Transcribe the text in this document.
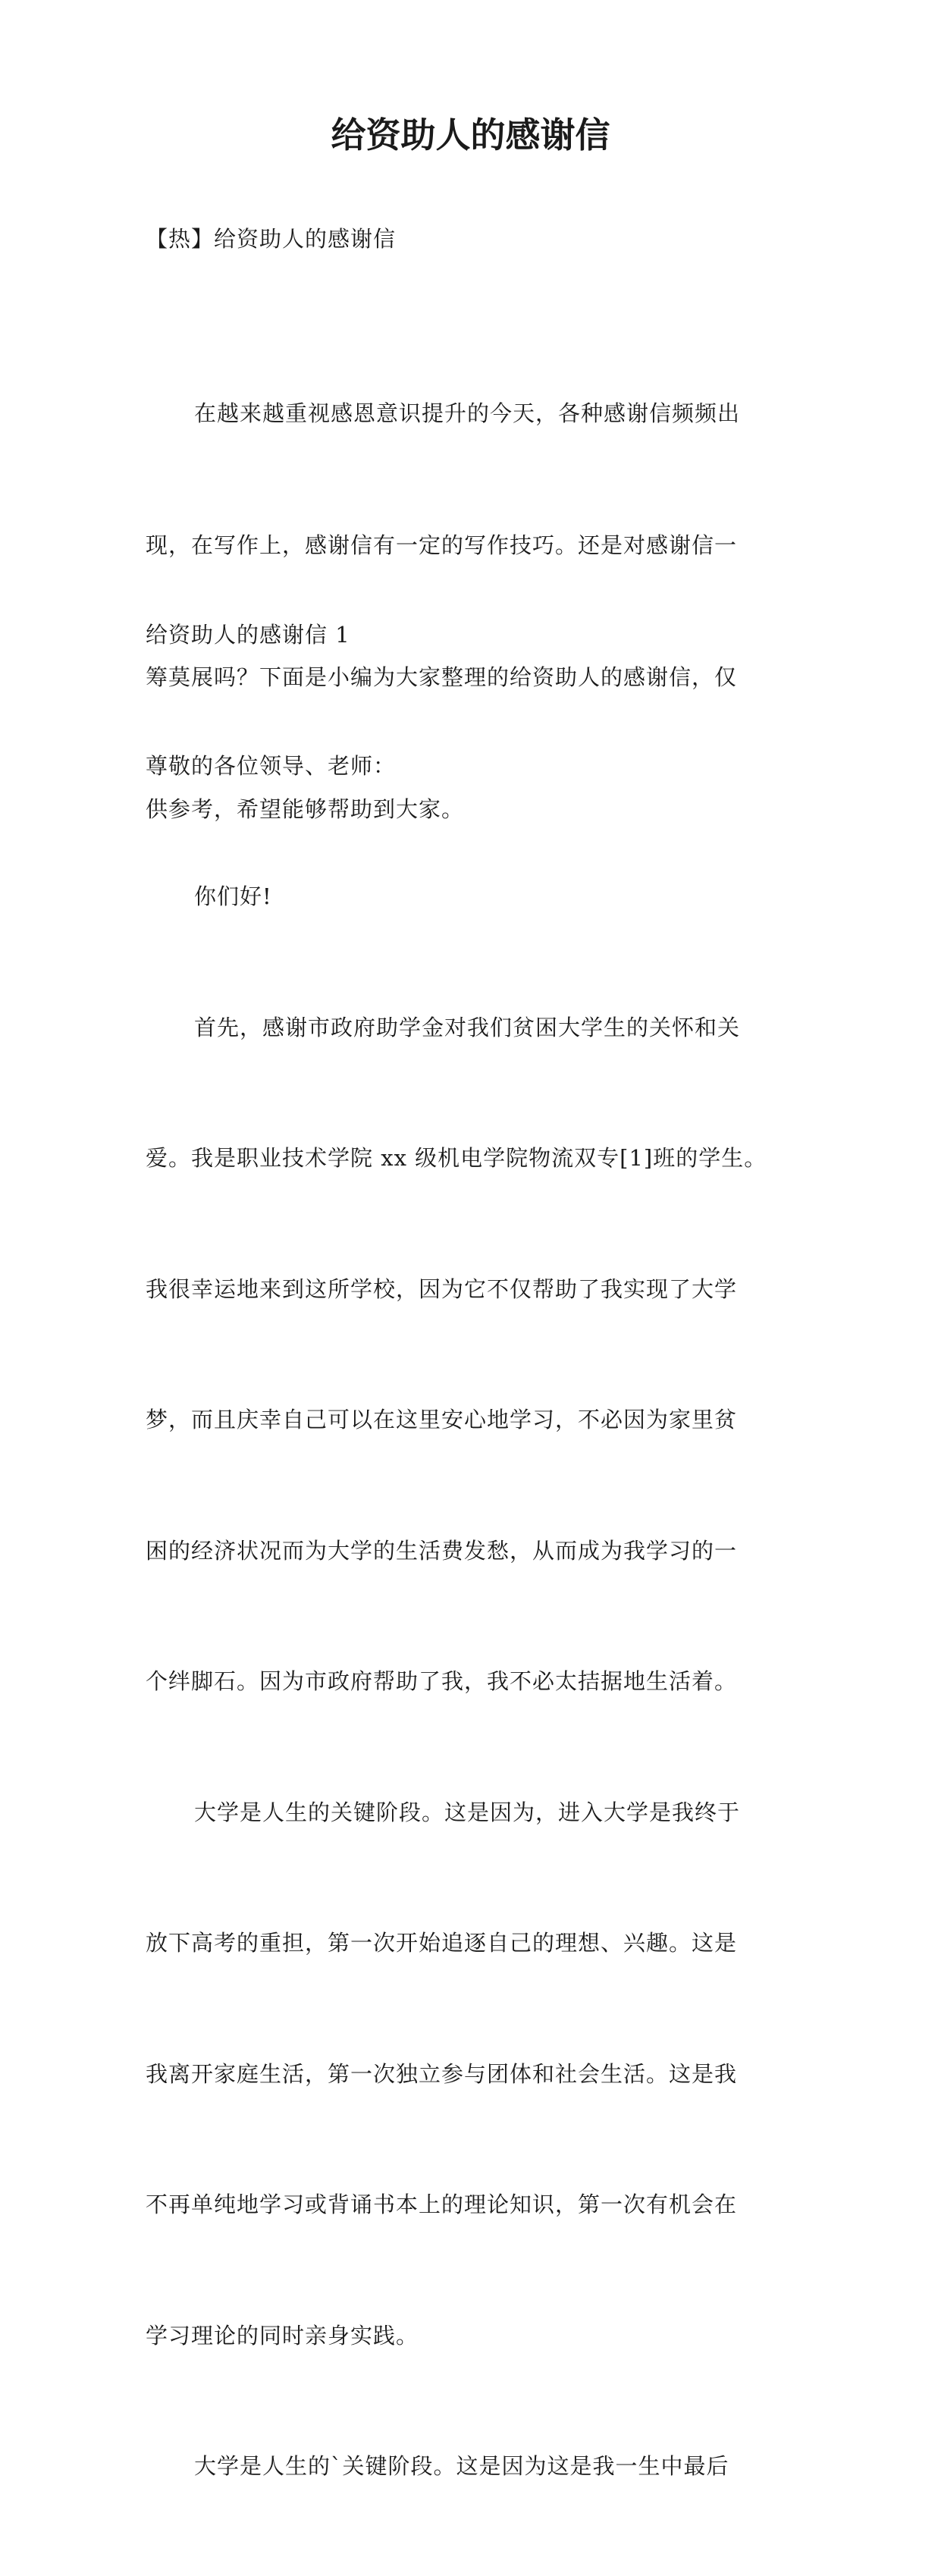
给资助人的感谢信

【热】给资助人的感谢信

在越来越重视感恩意识提升的今天，各种感谢信频频出

现，在写作上，感谢信有一定的写作技巧。还是对感谢信一

筹莫展吗？下面是小编为大家整理的给资助人的感谢信，仅

供参考，希望能够帮助到大家。

给资助人的感谢信 1

尊敬的各位领导、老师：

你们好!

首先，感谢市政府助学金对我们贫困大学生的关怀和关

爱。我是职业技术学院 xx 级机电学院物流双专[1]班的学生。

我很幸运地来到这所学校，因为它不仅帮助了我实现了大学

梦，而且庆幸自己可以在这里安心地学习，不必因为家里贫

困的经济状况而为大学的生活费发愁，从而成为我学习的一

个绊脚石。因为市政府帮助了我，我不必太拮据地生活着。

大学是人生的关键阶段。这是因为，进入大学是我终于

放下高考的重担，第一次开始追逐自己的理想、兴趣。这是

我离开家庭生活，第一次独立参与团体和社会生活。这是我

不再单纯地学习或背诵书本上的理论知识，第一次有机会在

学习理论的同时亲身实践。

大学是人生的`关键阶段。这是因为这是我一生中最后
